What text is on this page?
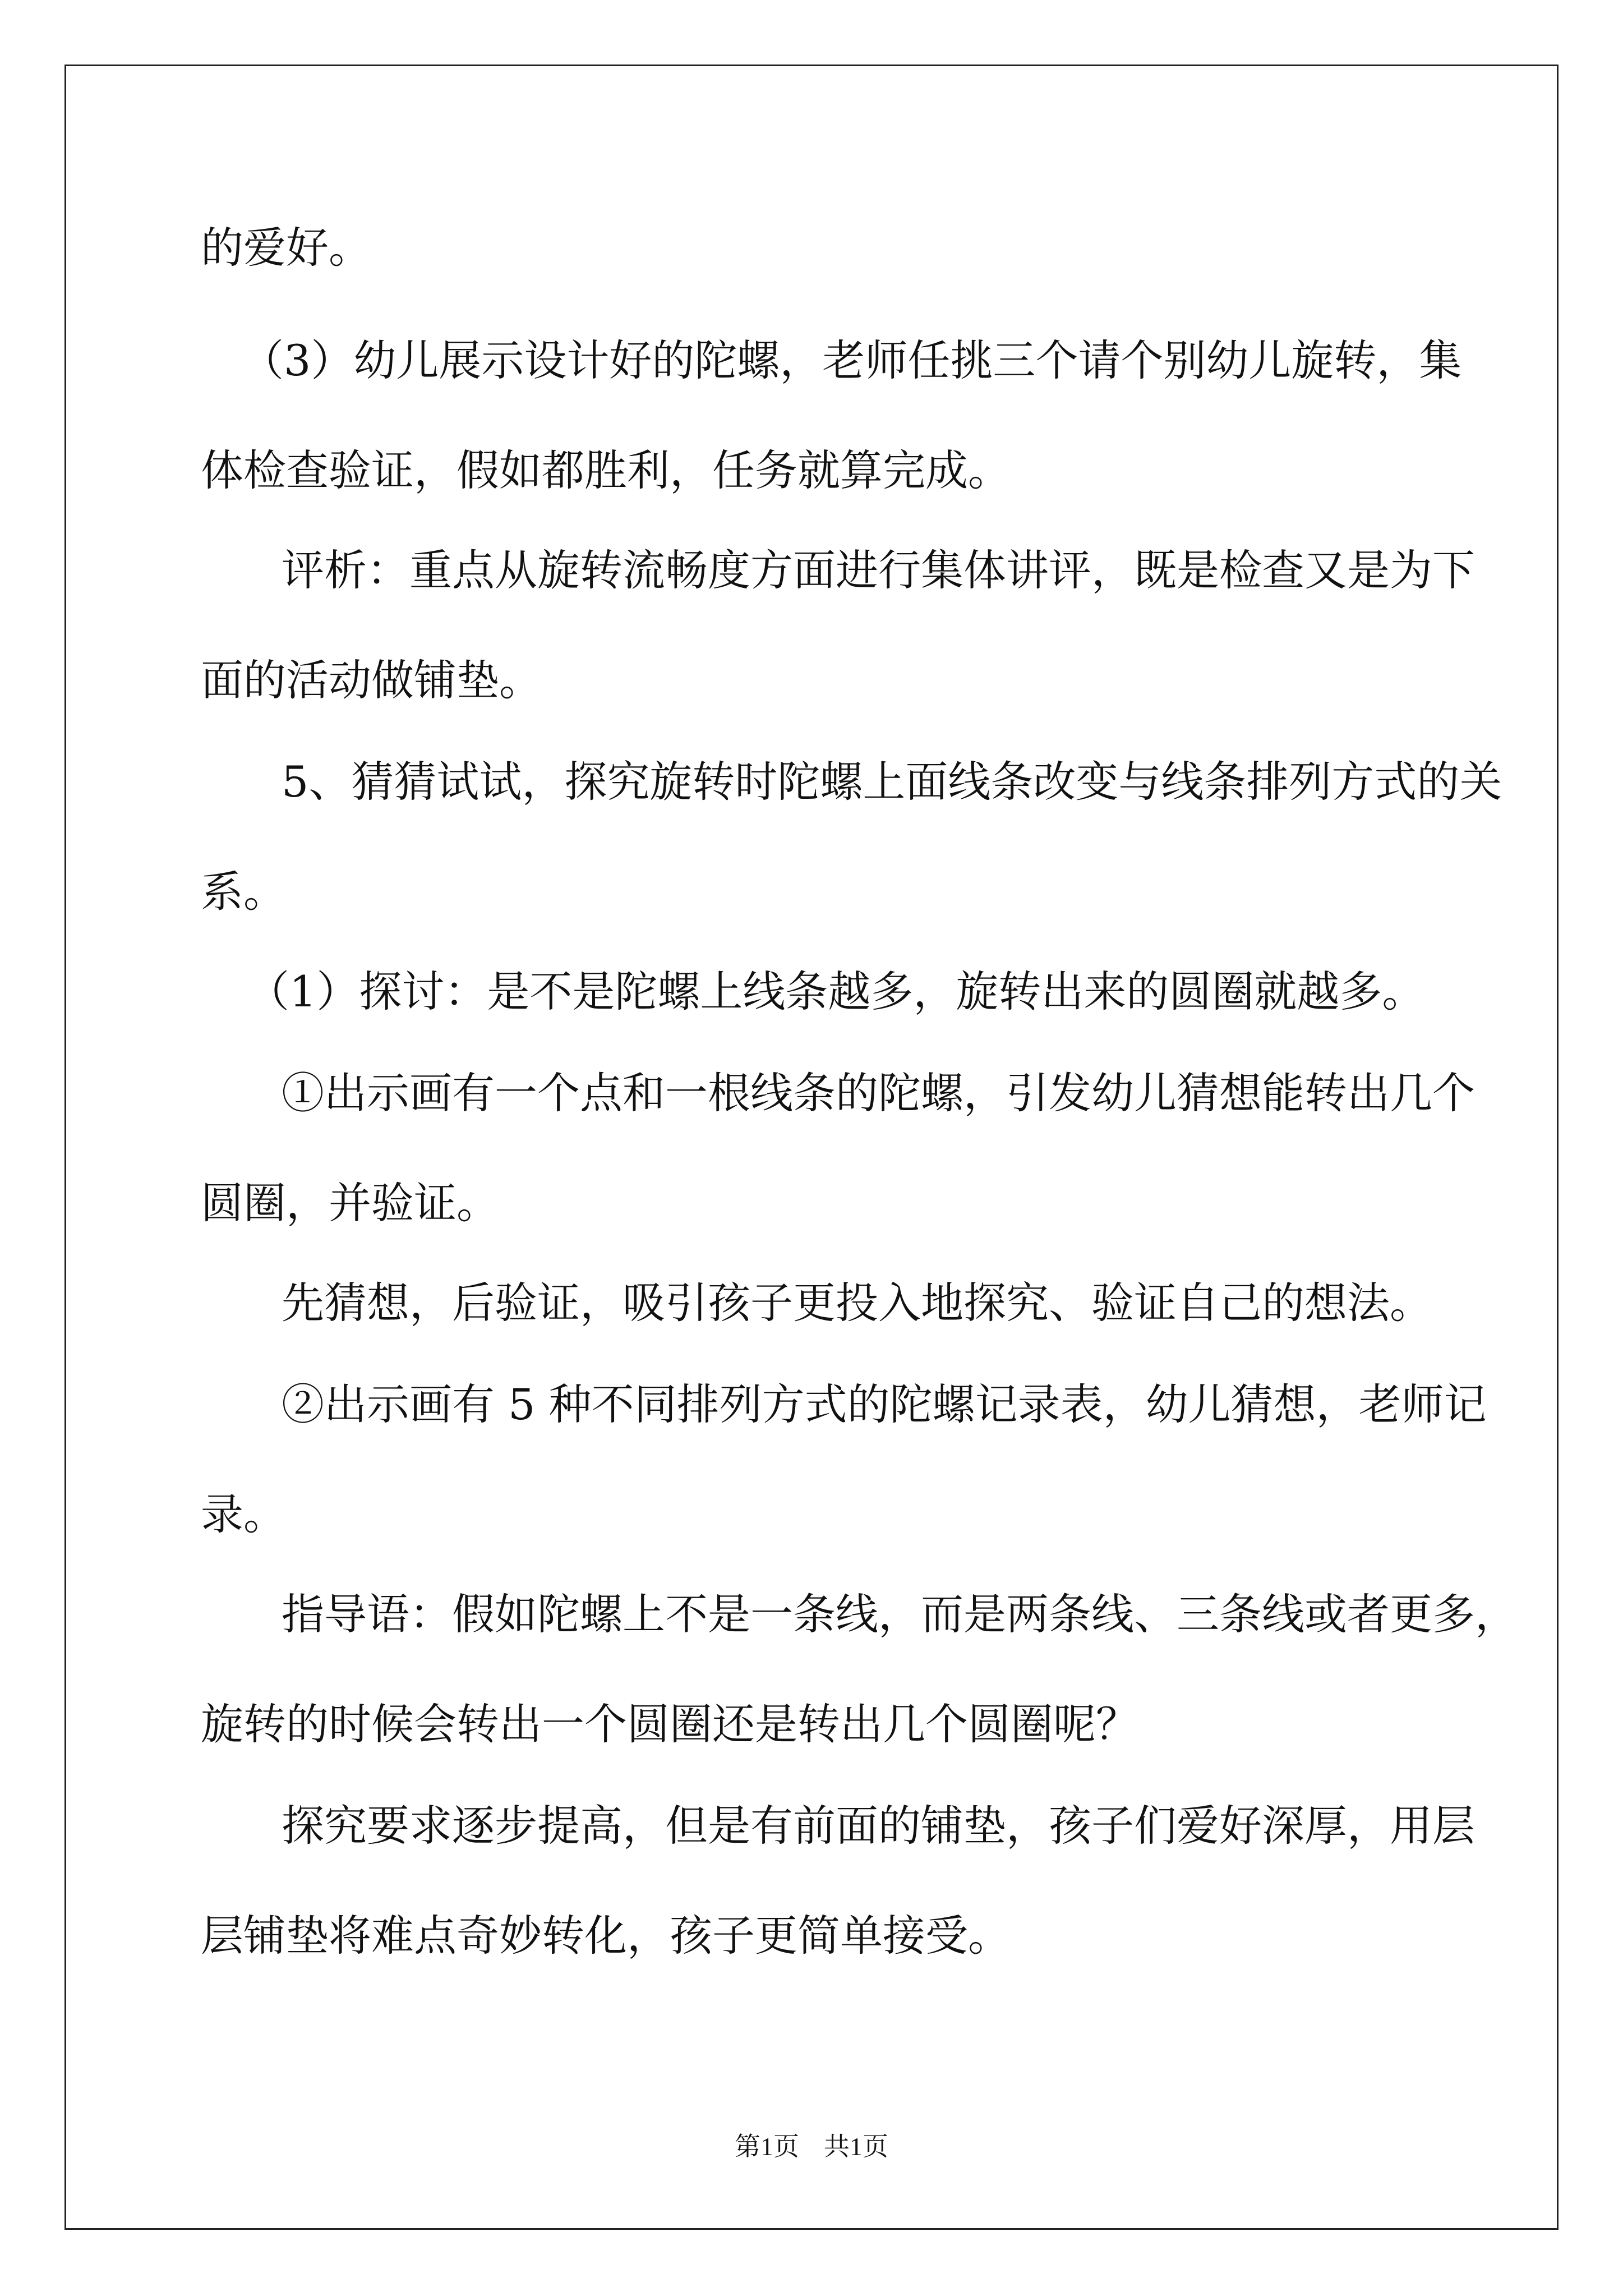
的爱好。
（3）幼儿展示设计好的陀螺，老师任挑三个请个别幼儿旋转，集
体检查验证，假如都胜利，任务就算完成。
评析：重点从旋转流畅度方面进行集体讲评，既是检查又是为下
面的活动做铺垫。
5、猜猜试试，探究旋转时陀螺上面线条改变与线条排列方式的关
系。
（1）探讨：是不是陀螺上线条越多，旋转出来的圆圈就越多。
①出示画有一个点和一根线条的陀螺，引发幼儿猜想能转出几个
圆圈，并验证。
先猜想，后验证，吸引孩子更投入地探究、验证自己的想法。
②出示画有 5 种不同排列方式的陀螺记录表，幼儿猜想，老师记
录。
指导语：假如陀螺上不是一条线，而是两条线、三条线或者更多，
旋转的时候会转出一个圆圈还是转出几个圆圈呢？
探究要求逐步提高，但是有前面的铺垫，孩子们爱好深厚，用层
层铺垫将难点奇妙转化，孩子更简单接受。
第1页 共1页
